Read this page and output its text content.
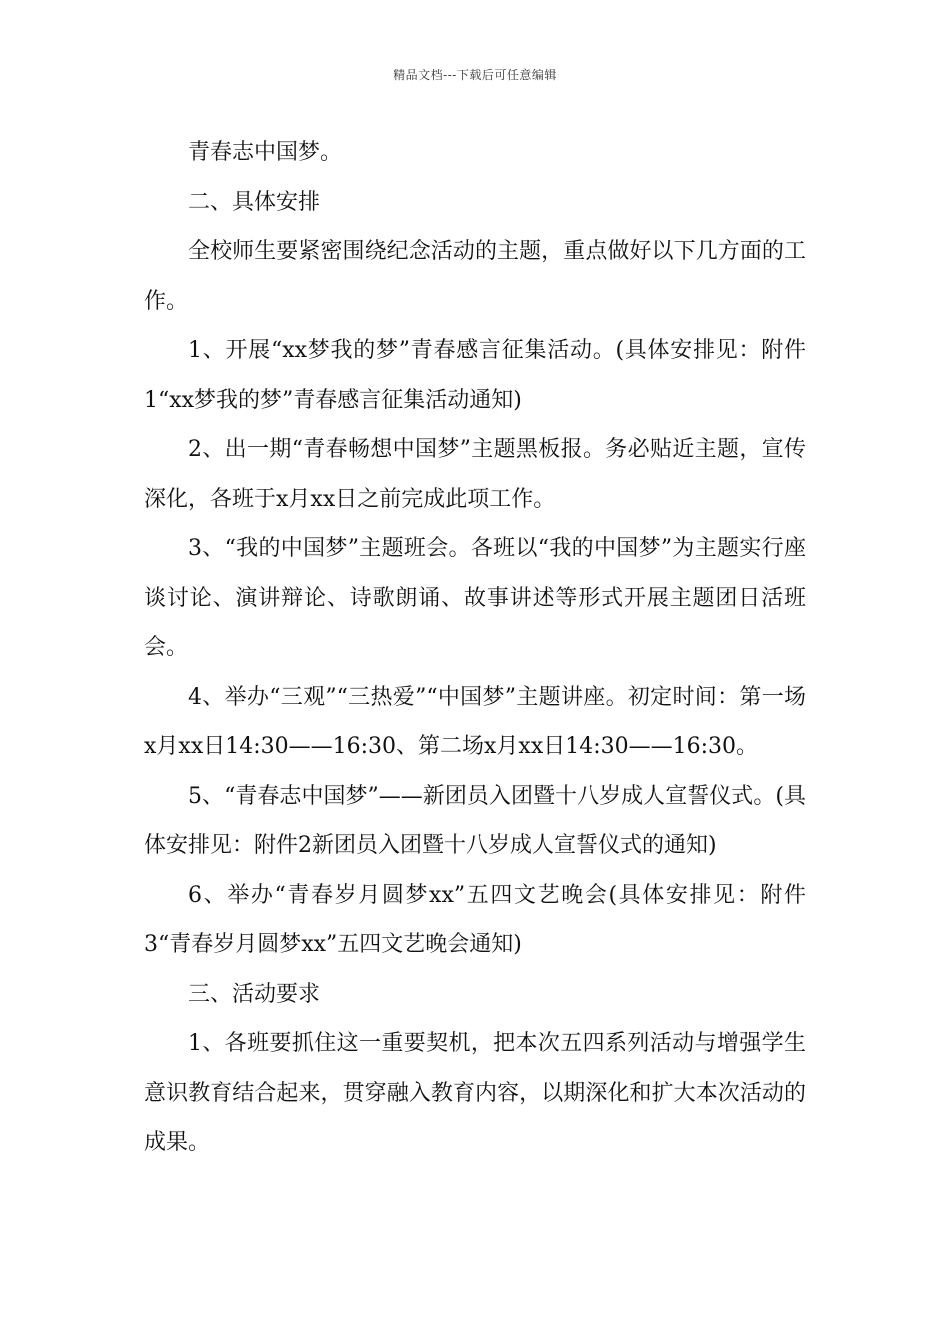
精品文档---下载后可任意编辑

青春志中国梦。

二、具体安排

全校师生要紧密围绕纪念活动的主题，重点做好以下几方面的工作。

1、开展“xx梦我的梦”青春感言征集活动。(具体安排见：附件1“xx梦我的梦”青春感言征集活动通知)

2、出一期“青春畅想中国梦”主题黑板报。务必贴近主题，宣传深化，各班于x月xx日之前完成此项工作。

3、“我的中国梦”主题班会。各班以“我的中国梦”为主题实行座谈讨论、演讲辩论、诗歌朗诵、故事讲述等形式开展主题团日活班会。

4、举办“三观”“三热爱”“中国梦”主题讲座。初定时间：第一场x月xx日14:30——16:30、第二场x月xx日14:30——16:30。

5、“青春志中国梦”——新团员入团暨十八岁成人宣誓仪式。(具体安排见：附件2新团员入团暨十八岁成人宣誓仪式的通知)

6、举办“青春岁月圆梦xx”五四文艺晚会(具体安排见：附件3“青春岁月圆梦xx”五四文艺晚会通知)

三、活动要求

1、各班要抓住这一重要契机，把本次五四系列活动与增强学生意识教育结合起来，贯穿融入教育内容，以期深化和扩大本次活动的成果。
